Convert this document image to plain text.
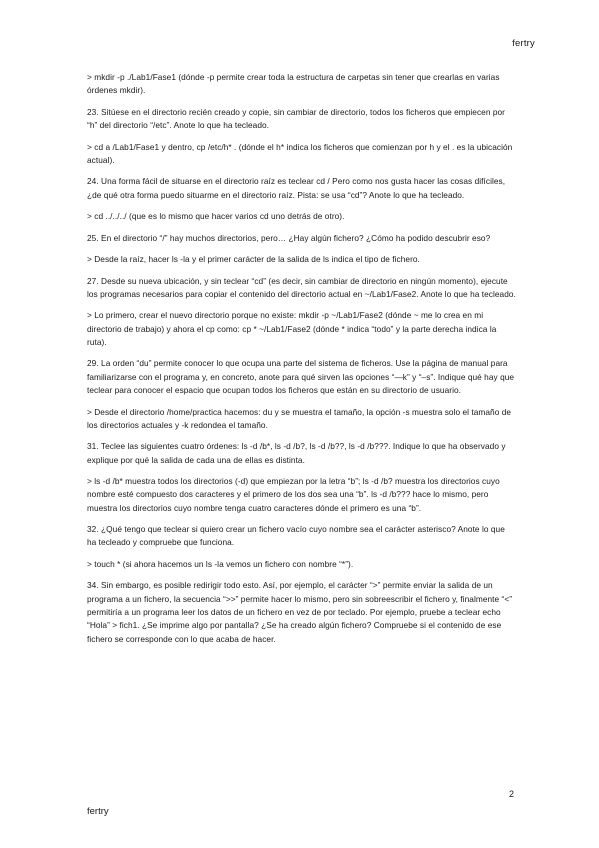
fertry

> mkdir -p ./Lab1/Fase1 (dónde -p permite crear toda la estructura de carpetas sin tener que crearlas en varias órdenes mkdir).

23. Sitúese en el directorio recién creado y copie, sin cambiar de directorio, todos los ficheros que empiecen por “h” del directorio “/etc”. Anote lo que ha tecleado.

> cd a /Lab1/Fase1 y dentro, cp /etc/h* . (dónde el h* indica los ficheros que comienzan por h y el . es la ubicación actual).

24. Una forma fácil de situarse en el directorio raíz es teclear cd / Pero como nos gusta hacer las cosas difíciles, ¿de qué otra forma puedo situarme en el directorio raíz. Pista: se usa “cd”? Anote lo que ha tecleado.

> cd ../../../ (que es lo mismo que hacer varios cd uno detrás de otro).

25. En el directorio “/” hay muchos directorios, pero… ¿Hay algún fichero? ¿Cómo ha podido descubrir eso?

> Desde la raíz, hacer ls -la y el primer carácter de la salida de ls indica el tipo de fichero.

27. Desde su nueva ubicación, y sin teclear “cd” (es decir, sin cambiar de directorio en ningún momento), ejecute los programas necesarios para copiar el contenido del directorio actual en ~/Lab1/Fase2. Anote lo que ha tecleado.

> Lo primero, crear el nuevo directorio porque no existe: mkdir -p ~/Lab1/Fase2 (dónde ~ me lo crea en mi directorio de trabajo) y ahora el cp como: cp * ~/Lab1/Fase2 (dónde * indica “todo” y la parte derecha indica la ruta).

29. La orden “du” permite conocer lo que ocupa una parte del sistema de ficheros. Use la página de manual para familiarizarse con el programa y, en concreto, anote para qué sirven las opciones “—k” y “–s”. Indique qué hay que teclear para conocer el espacio que ocupan todos los ficheros que están en su directorio de usuario.

> Desde el directorio /home/practica hacemos: du y se muestra el tamaño, la opción -s muestra solo el tamaño de los directorios actuales y -k redondea el tamaño.

31. Teclee las siguientes cuatro órdenes: ls -d /b*, ls -d /b?, ls -d /b??, ls -d /b???. Indique lo que ha observado y explique por qué la salida de cada una de ellas es distinta.

> ls -d /b* muestra todos los directorios (-d) que empiezan por la letra “b”; ls -d /b? muestra los directorios cuyo nombre esté compuesto dos caracteres y el primero de los dos sea una “b”. ls -d /b??? hace lo mismo, pero muestra los directorios cuyo nombre tenga cuatro caracteres dónde el primero es una “b”.

32. ¿Qué tengo que teclear si quiero crear un fichero vacío cuyo nombre sea el carácter asterisco? Anote lo que ha tecleado y compruebe que funciona.

> touch * (si ahora hacemos un ls -la vemos un fichero con nombre “*”).

34. Sin embargo, es posible redirigir todo esto. Así, por ejemplo, el carácter “>” permite enviar la salida de un programa a un fichero, la secuencia “>>” permite hacer lo mismo, pero sin sobreescribir el fichero y, finalmente “<” permitiría a un programa leer los datos de un fichero en vez de por teclado. Por ejemplo, pruebe a teclear echo “Hola” > fich1. ¿Se imprime algo por pantalla? ¿Se ha creado algún fichero? Compruebe si el contenido de ese fichero se corresponde con lo que acaba de hacer.

2
fertry
